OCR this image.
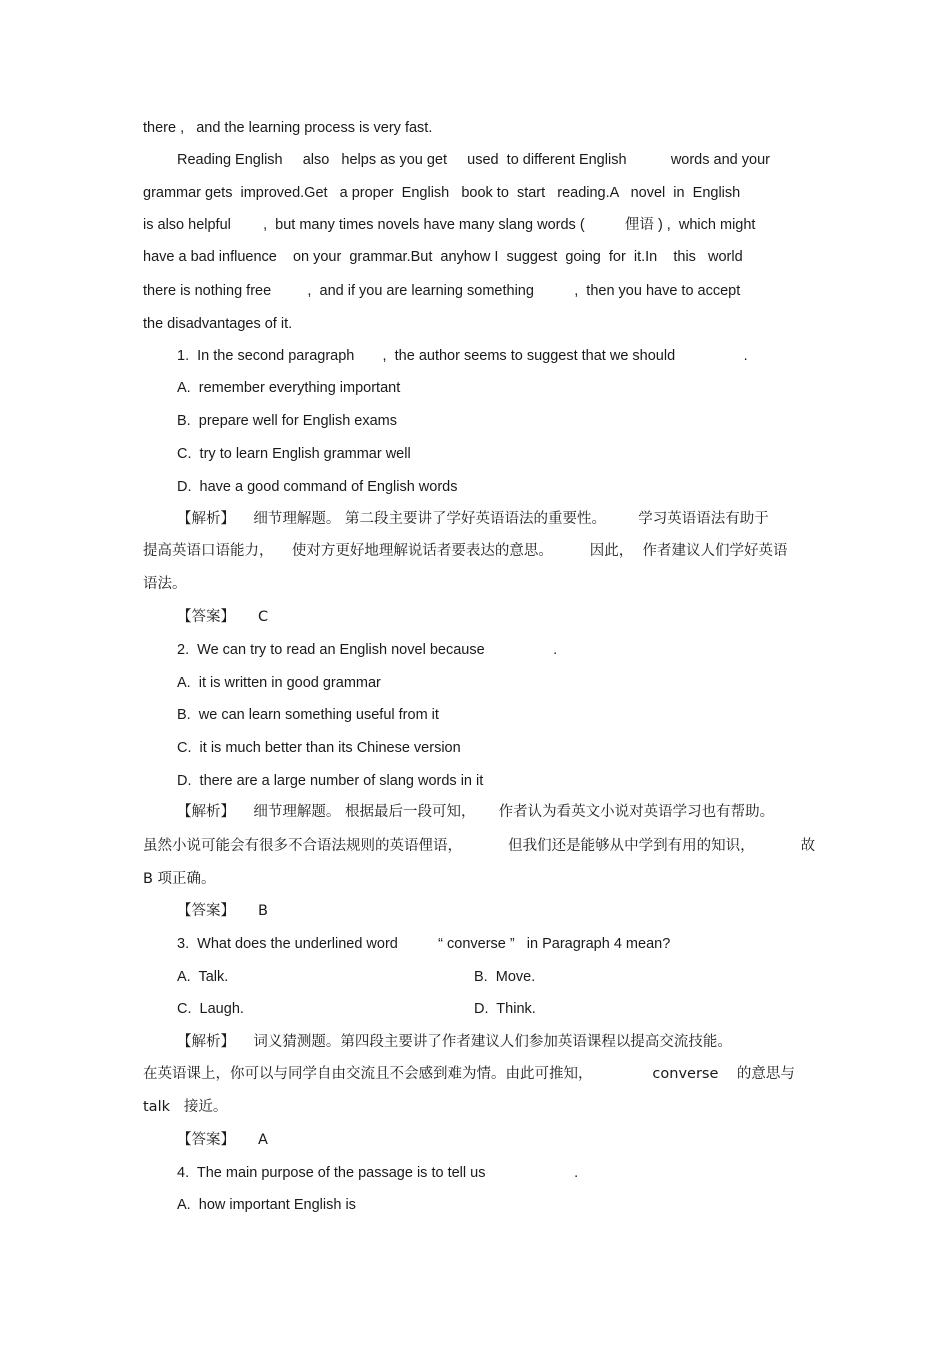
there ,   and the learning process is very fast.
Reading English     also   helps as you get     used  to different English           words and your
grammar gets  improved.Get   a proper  English   book to  start   reading.A   novel  in  English
is also helpful        ,  but many times novels have many slang words (          俚语 ) ,  which might
have a bad influence    on your  grammar.But  anyhow I  suggest  going  for  it.In    this   world
there is nothing free         ,  and if you are learning something          ,  then you have to accept
the disadvantages of it.
1.  In the second paragraph       ,  the author seems to suggest that we should                 .
A.  remember everything important
B.  prepare well for English exams
C.  try to learn English grammar well
D.  have a good command of English words
【解析】    细节理解题。 第二段主要讲了学好英语语法的重要性。       学习英语语法有助于
提高英语口语能力，    使对方更好地理解说话者要表达的意思。        因此，  作者建议人们学好英语
语法。
【答案】     C
2.  We can try to read an English novel because                 .
A.  it is written in good grammar
B.  we can learn something useful from it
C.  it is much better than its Chinese version
D.  there are a large number of slang words in it
【解析】    细节理解题。 根据最后一段可知，     作者认为看英文小说对英语学习也有帮助。
虽然小说可能会有很多不合语法规则的英语俚语，          但我们还是能够从中学到有用的知识，          故
B 项正确。
【答案】     B
3.  What does the underlined word          “ converse ”   in Paragraph 4 mean?
A.  Talk.	B.  Move.
C.  Laugh.	D.  Think.
【解析】    词义猜测题。第四段主要讲了作者建议人们参加英语课程以提高交流技能。
在英语课上，你可以与同学自由交流且不会感到难为情。由此可推知，             converse    的意思与
talk   接近。
【答案】     A
4.  The main purpose of the passage is to tell us                      .
A.  how important English is
